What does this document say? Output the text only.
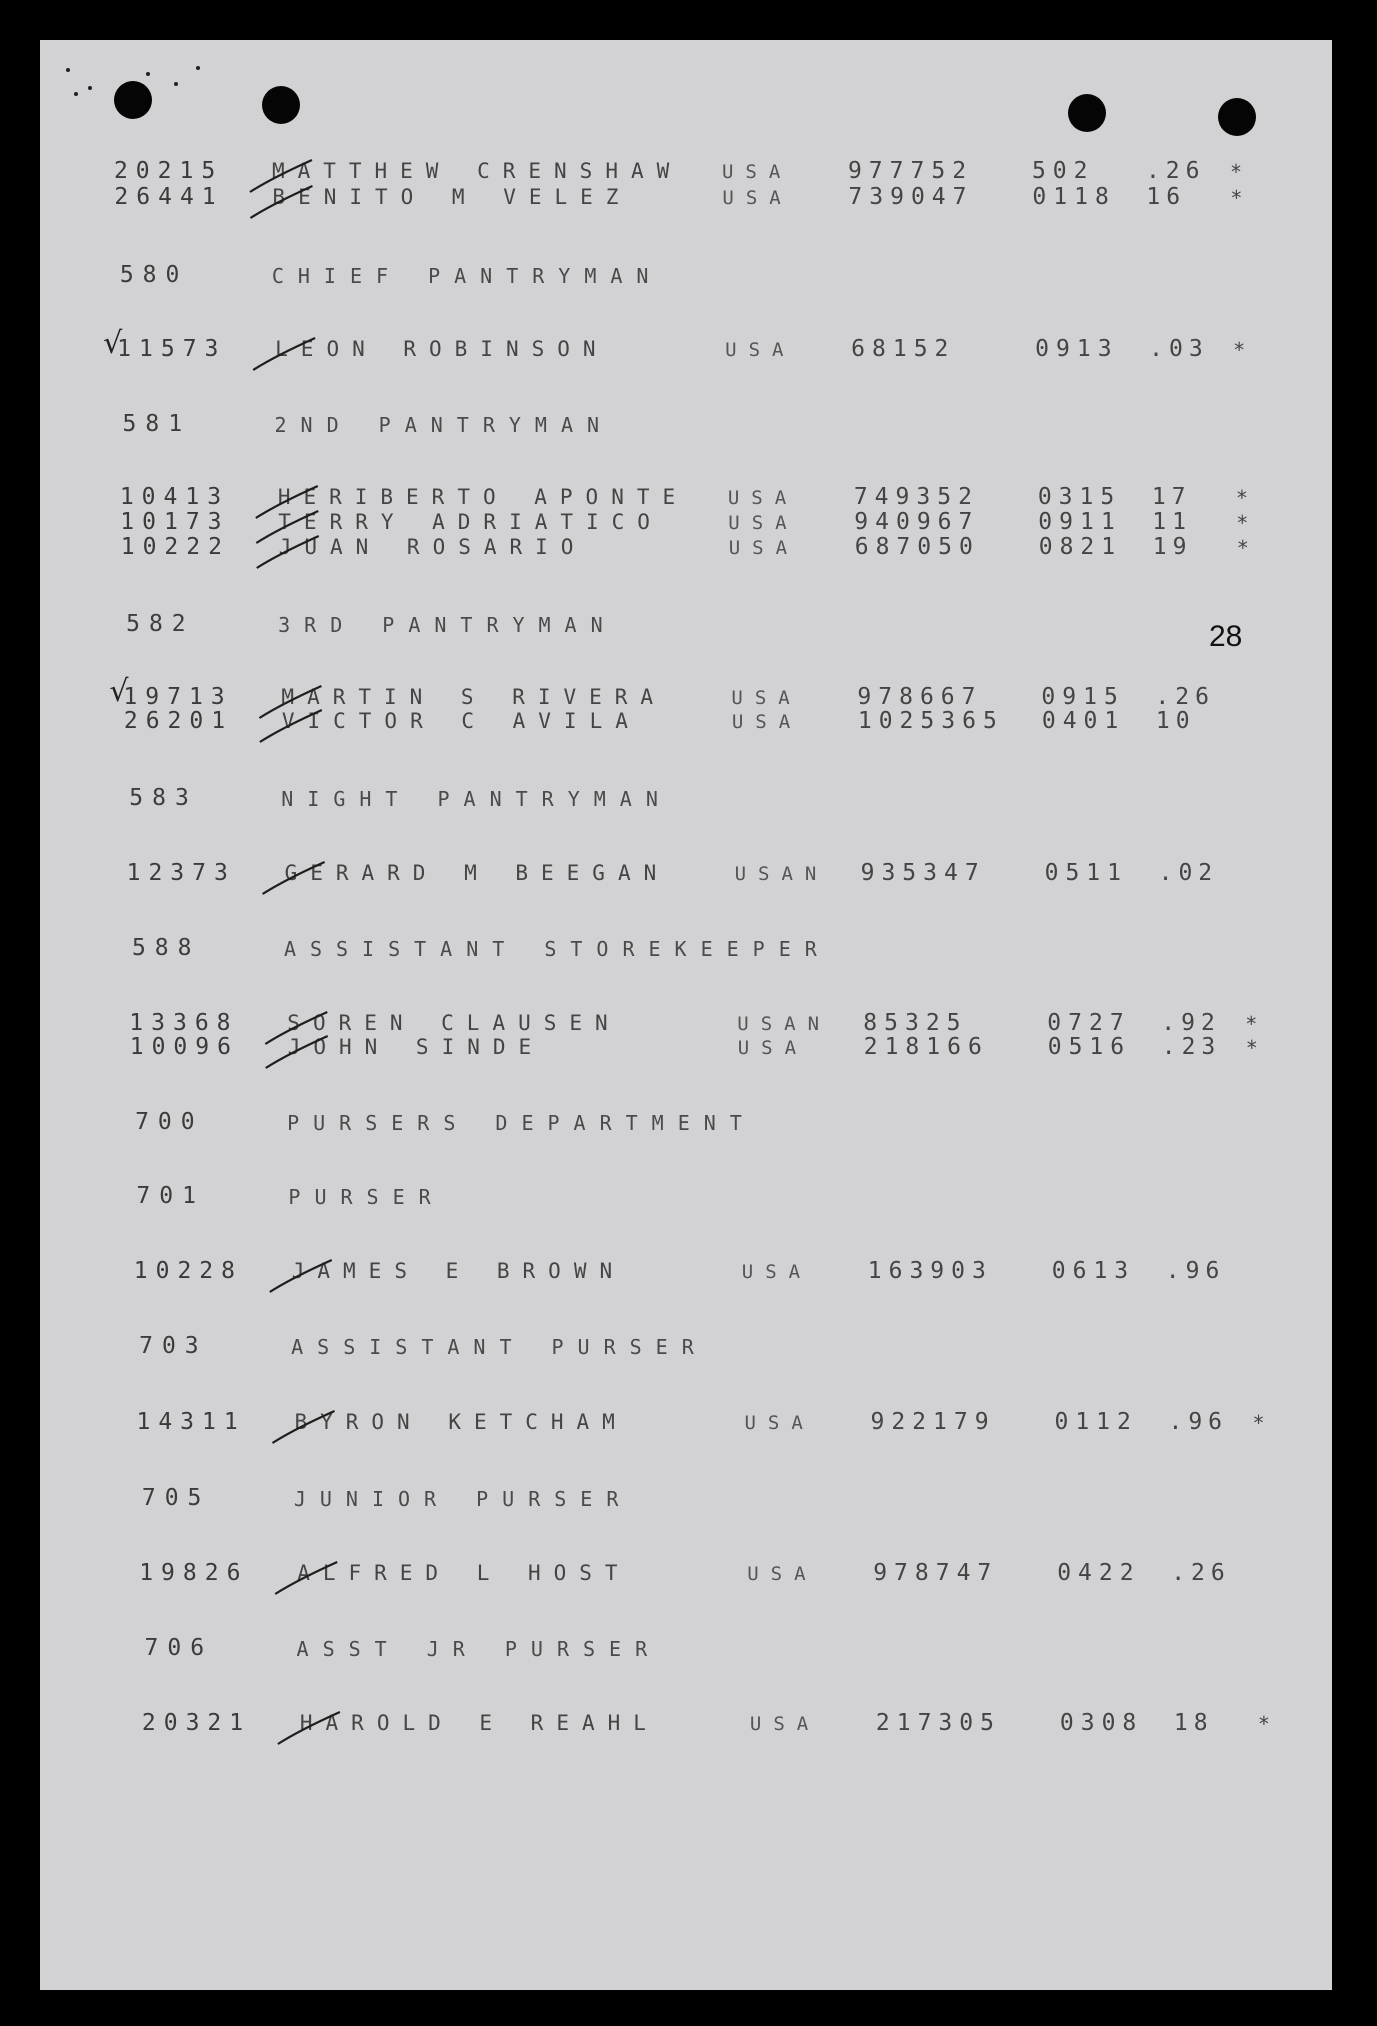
28
20215 MATTHEW CRENSHAW USA 977752	502 .26 *
26441 BENITO M VELEZ	USA 739047	0118 16 *
580	CHIEF PANTRYMAN
√
11573 LEON ROBINSON	USA 68152	0913 .03 *
581	2ND PANTRYMAN
10413 HERIBERTO APONTE USA 749352	0315 17 *
10173 TERRY ADRIATICO	USA 940967	0911 11 *
10222 JUAN ROSARIO	USA 687050	0821 19 *
582	3RD PANTRYMAN
√
19713 MARTIN S RIVERA	USA 978667	0915 .26
26201 VICTOR C AVILA	USA 1025365 0401 10
583	NIGHT PANTRYMAN
12373 GERARD M BEEGAN	USAN 935347	0511 .02
588	ASSISTANT STOREKEEPER
13368 SOREN CLAUSEN	USAN 85325	0727 .92 *
10096 JOHN SINDE	USA 218166	0516 .23 *
700	PURSERS DEPARTMENT
701	PURSER
10228 JAMES E BROWN	USA 163903	0613 .96
703	ASSISTANT PURSER
14311 BYRON KETCHAM	USA 922179	0112 .96 *
705	JUNIOR PURSER
19826 ALFRED L HOST	USA 978747	0422 .26
706	ASST JR PURSER
20321 HAROLD E REAHL	USA 217305	0308 18 *
